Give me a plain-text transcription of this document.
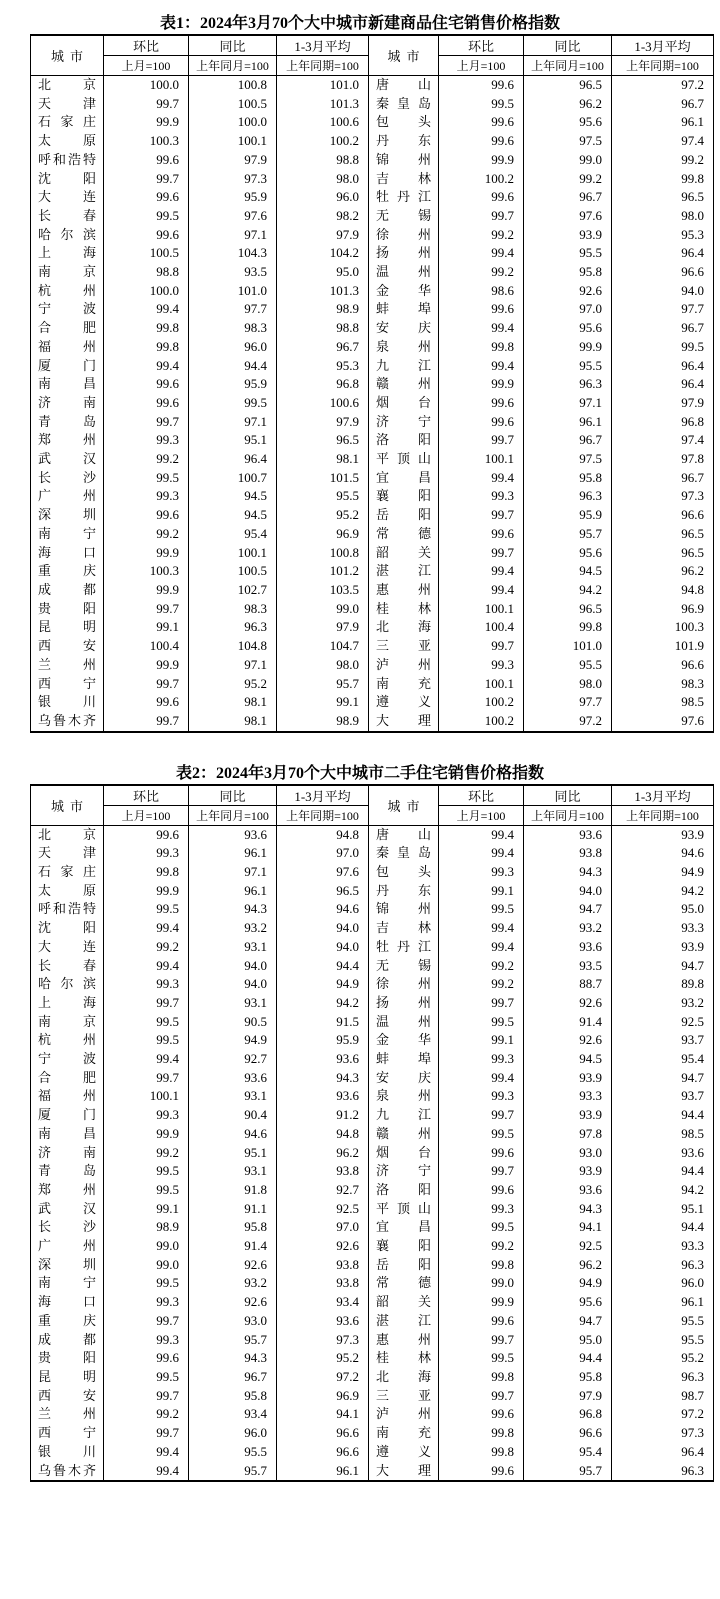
表1：2024年3月70个大中城市新建商品住宅销售价格指数
城市	环比	同比	1-3月平均	城市	环比	同比	1-3月平均
	上月=100	上年同月=100	上年同期=100		上月=100	上年同月=100	上年同期=100

北 京	100.0	100.8	101.0	唐 山	99.6	96.5	97.2

天 津	99.7	100.5	101.3	秦 皇 岛	99.5	96.2	96.7

石 家 庄	99.9	100.0	100.6	包 头	99.6	95.6	96.1

太 原	100.3	100.1	100.2	丹 东	99.6	97.5	97.4

呼 和 浩 特	99.6	97.9	98.8	锦 州	99.9	99.0	99.2

沈 阳	99.7	97.3	98.0	吉 林	100.2	99.2	99.8

大 连	99.6	95.9	96.0	牡 丹 江	99.6	96.7	96.5

长 春	99.5	97.6	98.2	无 锡	99.7	97.6	98.0

哈 尔 滨	99.6	97.1	97.9	徐 州	99.2	93.9	95.3

上 海	100.5	104.3	104.2	扬 州	99.4	95.5	96.4

南 京	98.8	93.5	95.0	温 州	99.2	95.8	96.6

杭 州	100.0	101.0	101.3	金 华	98.6	92.6	94.0

宁 波	99.4	97.7	98.9	蚌 埠	99.6	97.0	97.7

合 肥	99.8	98.3	98.8	安 庆	99.4	95.6	96.7

福 州	99.8	96.0	96.7	泉 州	99.8	99.9	99.5

厦 门	99.4	94.4	95.3	九 江	99.4	95.5	96.4

南 昌	99.6	95.9	96.8	赣 州	99.9	96.3	96.4

济 南	99.6	99.5	100.6	烟 台	99.6	97.1	97.9

青 岛	99.7	97.1	97.9	济 宁	99.6	96.1	96.8

郑 州	99.3	95.1	96.5	洛 阳	99.7	96.7	97.4

武 汉	99.2	96.4	98.1	平 顶 山	100.1	97.5	97.8

长 沙	99.5	100.7	101.5	宜 昌	99.4	95.8	96.7

广 州	99.3	94.5	95.5	襄 阳	99.3	96.3	97.3

深 圳	99.6	94.5	95.2	岳 阳	99.7	95.9	96.6

南 宁	99.2	95.4	96.9	常 德	99.6	95.7	96.5

海 口	99.9	100.1	100.8	韶 关	99.7	95.6	96.5

重 庆	100.3	100.5	101.2	湛 江	99.4	94.5	96.2

成 都	99.9	102.7	103.5	惠 州	99.4	94.2	94.8

贵 阳	99.7	98.3	99.0	桂 林	100.1	96.5	96.9

昆 明	99.1	96.3	97.9	北 海	100.4	99.8	100.3

西 安	100.4	104.8	104.7	三 亚	99.7	101.0	101.9

兰 州	99.9	97.1	98.0	泸 州	99.3	95.5	96.6

西 宁	99.7	95.2	95.7	南 充	100.1	98.0	98.3

银 川	99.6	98.1	99.1	遵 义	100.2	97.7	98.5

乌 鲁 木 齐	99.7	98.1	98.9	大 理	100.2	97.2	97.6
表2：2024年3月70个大中城市二手住宅销售价格指数
城市	环比	同比	1-3月平均	城市	环比	同比	1-3月平均
	上月=100	上年同月=100	上年同期=100		上月=100	上年同月=100	上年同期=100

北 京	99.6	93.6	94.8	唐 山	99.4	93.6	93.9

天 津	99.3	96.1	97.0	秦 皇 岛	99.4	93.8	94.6

石 家 庄	99.8	97.1	97.6	包 头	99.3	94.3	94.9

太 原	99.9	96.1	96.5	丹 东	99.1	94.0	94.2

呼 和 浩 特	99.5	94.3	94.6	锦 州	99.5	94.7	95.0

沈 阳	99.4	93.2	94.0	吉 林	99.4	93.2	93.3

大 连	99.2	93.1	94.0	牡 丹 江	99.4	93.6	93.9

长 春	99.4	94.0	94.4	无 锡	99.2	93.5	94.7

哈 尔 滨	99.3	94.0	94.9	徐 州	99.2	88.7	89.8

上 海	99.7	93.1	94.2	扬 州	99.7	92.6	93.2

南 京	99.5	90.5	91.5	温 州	99.5	91.4	92.5

杭 州	99.5	94.9	95.9	金 华	99.1	92.6	93.7

宁 波	99.4	92.7	93.6	蚌 埠	99.3	94.5	95.4

合 肥	99.7	93.6	94.3	安 庆	99.4	93.9	94.7

福 州	100.1	93.1	93.6	泉 州	99.3	93.3	93.7

厦 门	99.3	90.4	91.2	九 江	99.7	93.9	94.4

南 昌	99.9	94.6	94.8	赣 州	99.5	97.8	98.5

济 南	99.2	95.1	96.2	烟 台	99.6	93.0	93.6

青 岛	99.5	93.1	93.8	济 宁	99.7	93.9	94.4

郑 州	99.5	91.8	92.7	洛 阳	99.6	93.6	94.2

武 汉	99.1	91.1	92.5	平 顶 山	99.3	94.3	95.1

长 沙	98.9	95.8	97.0	宜 昌	99.5	94.1	94.4

广 州	99.0	91.4	92.6	襄 阳	99.2	92.5	93.3

深 圳	99.0	92.6	93.8	岳 阳	99.8	96.2	96.3

南 宁	99.5	93.2	93.8	常 德	99.0	94.9	96.0

海 口	99.3	92.6	93.4	韶 关	99.9	95.6	96.1

重 庆	99.7	93.0	93.6	湛 江	99.6	94.7	95.5

成 都	99.3	95.7	97.3	惠 州	99.7	95.0	95.5

贵 阳	99.6	94.3	95.2	桂 林	99.5	94.4	95.2

昆 明	99.5	96.7	97.2	北 海	99.8	95.8	96.3

西 安	99.7	95.8	96.9	三 亚	99.7	97.9	98.7

兰 州	99.2	93.4	94.1	泸 州	99.6	96.8	97.2

西 宁	99.7	96.0	96.6	南 充	99.8	96.6	97.3

银 川	99.4	95.5	96.6	遵 义	99.8	95.4	96.4

乌 鲁 木 齐	99.4	95.7	96.1	大 理	99.6	95.7	96.3
